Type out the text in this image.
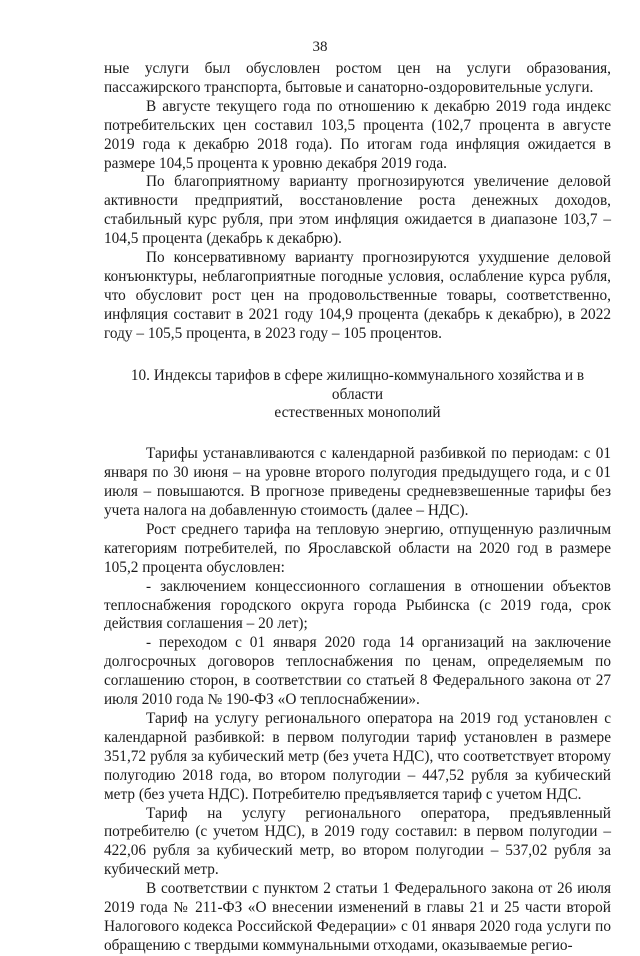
38

ные услуги был обусловлен ростом цен на услуги образования, пассажирского транспорта, бытовые и санаторно-оздоровительные услуги.

В августе текущего года по отношению к декабрю 2019 года индекс потребительских цен составил 103,5 процента (102,7 процента в августе 2019 года к декабрю 2018 года). По итогам года инфляция ожидается в размере 104,5 процента к уровню декабря 2019 года.

По благоприятному варианту прогнозируются увеличение деловой активности предприятий, восстановление роста денежных доходов, стабильный курс рубля, при этом инфляция ожидается в диапазоне 103,7 – 104,5 процента (декабрь к декабрю).

По консервативному варианту прогнозируются ухудшение деловой конъюнктуры, неблагоприятные погодные условия, ослабление курса рубля, что обусловит рост цен на продовольственные товары, соответственно, инфляция составит в 2021 году 104,9 процента (декабрь к декабрю), в 2022 году – 105,5 процента, в 2023 году – 105 процентов.

10. Индексы тарифов в сфере жилищно-коммунального хозяйства и в области
естественных монополий

Тарифы устанавливаются с календарной разбивкой по периодам: с 01 января по 30 июня – на уровне второго полугодия предыдущего года, и с 01 июля – повышаются. В прогнозе приведены средневзвешенные тарифы без учета налога на добавленную стоимость (далее – НДС).

Рост среднего тарифа на тепловую энергию, отпущенную различным категориям потребителей, по Ярославской области на 2020 год в размере 105,2 процента обусловлен:

- заключением концессионного соглашения в отношении объектов теплоснабжения городского округа города Рыбинска (с 2019 года, срок действия соглашения – 20 лет);

- переходом с 01 января 2020 года 14 организаций на заключение долгосрочных договоров теплоснабжения по ценам, определяемым по соглашению сторон, в соответствии со статьей 8 Федерального закона от 27 июля 2010 года № 190-ФЗ «О теплоснабжении».

Тариф на услугу регионального оператора на 2019 год установлен с календарной разбивкой: в первом полугодии тариф установлен в размере 351,72 рубля за кубический метр (без учета НДС), что соответствует второму полугодию 2018 года, во втором полугодии – 447,52 рубля за кубический метр (без учета НДС). Потребителю предъявляется тариф с учетом НДС.

Тариф на услугу регионального оператора, предъявленный потребителю (с учетом НДС), в 2019 году составил: в первом полугодии – 422,06 рубля за кубический метр, во втором полугодии – 537,02 рубля за кубический метр.

В соответствии с пунктом 2 статьи 1 Федерального закона от 26 июля 2019 года № 211-ФЗ «О внесении изменений в главы 21 и 25 части второй Налогового кодекса Российской Федерации» с 01 января 2020 года услуги по обращению с твердыми коммунальными отходами, оказываемые регио-
